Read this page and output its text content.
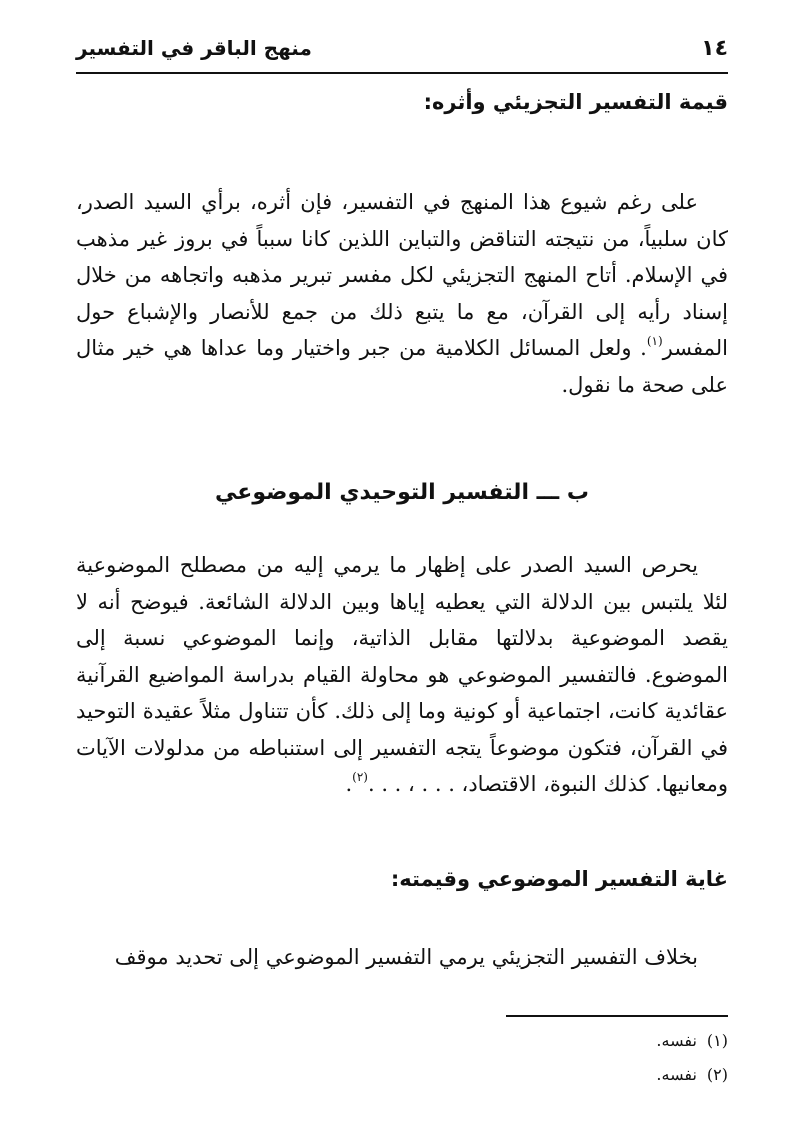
١٤
منهج الباقر في التفسير
قيمة التفسير التجزيئي وأثره:

على رغم شيوع هذا المنهج في التفسير، فإن أثره، برأي السيد الصدر، كان سلبياً، من نتيجته التناقض والتباين اللذين كانا سبباً في بروز غير مذهب في الإسلام. أتاح المنهج التجزيئي لكل مفسر تبرير مذهبه واتجاهه من خلال إسناد رأيه إلى القرآن، مع ما يتبع ذلك من جمع للأنصار والإشباع حول المفسر$^{(١)}$. ولعل المسائل الكلامية من جبر واختيار وما عداها هي خير مثال على صحة ما نقول.

ب ـــ التفسير التوحيدي الموضوعي

يحرص السيد الصدر على إظهار ما يرمي إليه من مصطلح الموضوعية لئلا يلتبس بين الدلالة التي يعطيه إياها وبين الدلالة الشائعة. فيوضح أنه لا يقصد الموضوعية بدلالتها مقابل الذاتية، وإنما الموضوعي نسبة إلى الموضوع. فالتفسير الموضوعي هو محاولة القيام بدراسة المواضيع القرآنية عقائدية كانت، اجتماعية أو كونية وما إلى ذلك. كأن تتناول مثلاً عقيدة التوحيد في القرآن، فتكون موضوعاً يتجه التفسير إلى استنباطه من مدلولات الآيات ومعانيها. كذلك النبوة، الاقتصاد، . . . ، . . .$^{(٢)}$.

غاية التفسير الموضوعي وقيمته:

بخلاف التفسير التجزيئي يرمي التفسير الموضوعي إلى تحديد موقف

(١)
نفسه.

(٢)
نفسه.
